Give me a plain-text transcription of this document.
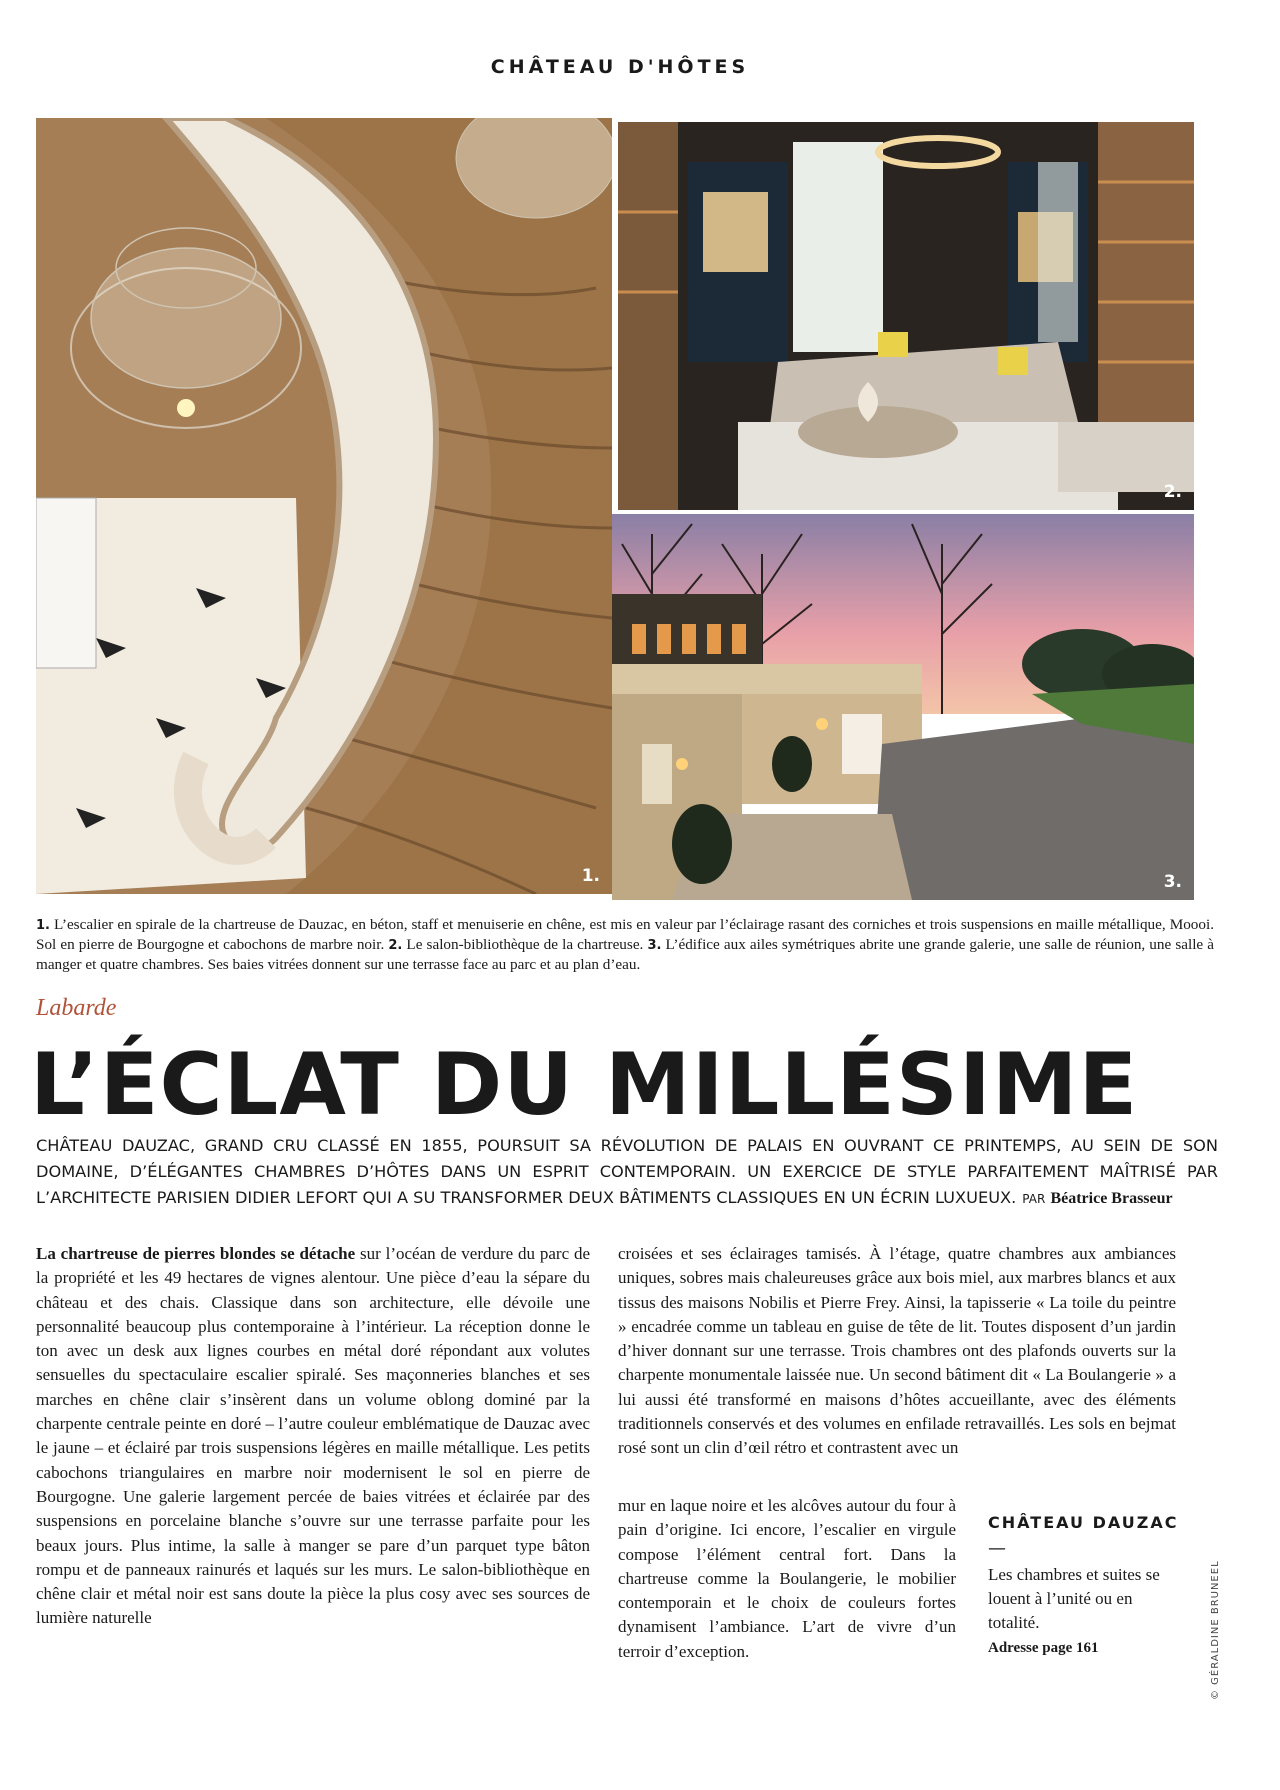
CHÂTEAU D'HÔTES
1.
2.
3.
1. L’escalier en spirale de la chartreuse de Dauzac, en béton, staff et menuiserie en chêne, est mis en valeur par l’éclairage rasant des corniches et trois suspensions en maille métallique, Moooi. Sol en pierre de Bourgogne et cabochons de marbre noir. 2. Le salon-bibliothèque de la chartreuse. 3. L’édifice aux ailes symétriques abrite une grande galerie, une salle de réunion, une salle à manger et quatre chambres. Ses baies vitrées donnent sur une terrasse face au parc et au plan d’eau.
Labarde
L’ÉCLAT DU MILLÉSIME
CHÂTEAU DAUZAC, GRAND CRU CLASSÉ EN 1855, POURSUIT SA RÉVOLUTION DE PALAIS EN OUVRANT CE PRINTEMPS, AU SEIN DE SON DOMAINE, D’ÉLÉGANTES CHAMBRES D’HÔTES DANS UN ESPRIT CONTEMPORAIN. UN EXERCICE DE STYLE PARFAITEMENT MAÎTRISÉ PAR L’ARCHITECTE PARISIEN DIDIER LEFORT QUI A SU TRANSFORMER DEUX BÂTIMENTS CLASSIQUES EN UN ÉCRIN LUXUEUX. PAR Béatrice Brasseur
La chartreuse de pierres blondes se détache sur l’océan de verdure du parc de la propriété et les 49 hectares de vignes alentour. Une pièce d’eau la sépare du château et des chais. Classique dans son architecture, elle dévoile une personnalité beaucoup plus contemporaine à l’intérieur. La réception donne le ton avec un desk aux lignes courbes en métal doré répondant aux volutes sensuelles du spectaculaire escalier spiralé. Ses maçonneries blanches et ses marches en chêne clair s’insèrent dans un volume oblong dominé par la charpente centrale peinte en doré – l’autre couleur emblématique de Dauzac avec le jaune – et éclairé par trois suspensions légères en maille métallique. Les petits cabochons triangulaires en marbre noir modernisent le sol en pierre de Bourgogne. Une galerie largement percée de baies vitrées et éclairée par des suspensions en porcelaine blanche s’ouvre sur une terrasse parfaite pour les beaux jours. Plus intime, la salle à manger se pare d’un parquet type bâton rompu et de panneaux rainurés et laqués sur les murs. Le salon-bibliothèque en chêne clair et métal noir est sans doute la pièce la plus cosy avec ses sources de lumière naturelle
croisées et ses éclairages tamisés. À l’étage, quatre chambres aux ambiances uniques, sobres mais chaleureuses grâce aux bois miel, aux marbres blancs et aux tissus des maisons Nobilis et Pierre Frey. Ainsi, la tapisserie « La toile du peintre » encadrée comme un tableau en guise de tête de lit. Toutes disposent d’un jardin d’hiver donnant sur une terrasse. Trois chambres ont des plafonds ouverts sur la charpente monumentale laissée nue. Un second bâtiment dit « La Boulangerie » a lui aussi été transformé en maisons d’hôtes accueillante, avec des éléments traditionnels conservés et des volumes en enfilade retravaillés. Les sols en bejmat rosé sont un clin d’œil rétro et contrastent avec un
mur en laque noire et les alcôves autour du four à pain d’origine. Ici encore, l’escalier en virgule compose l’élément central fort. Dans la chartreuse comme la Boulangerie, le mobilier contemporain et le choix de couleurs fortes dynamisent l’ambiance. L’art de vivre d’un terroir d’exception.
CHÂTEAU DAUZAC
—
Les chambres et suites se louent à l’unité ou en totalité.
Adresse page 161	© GÉRALDINE BRUNEEL
